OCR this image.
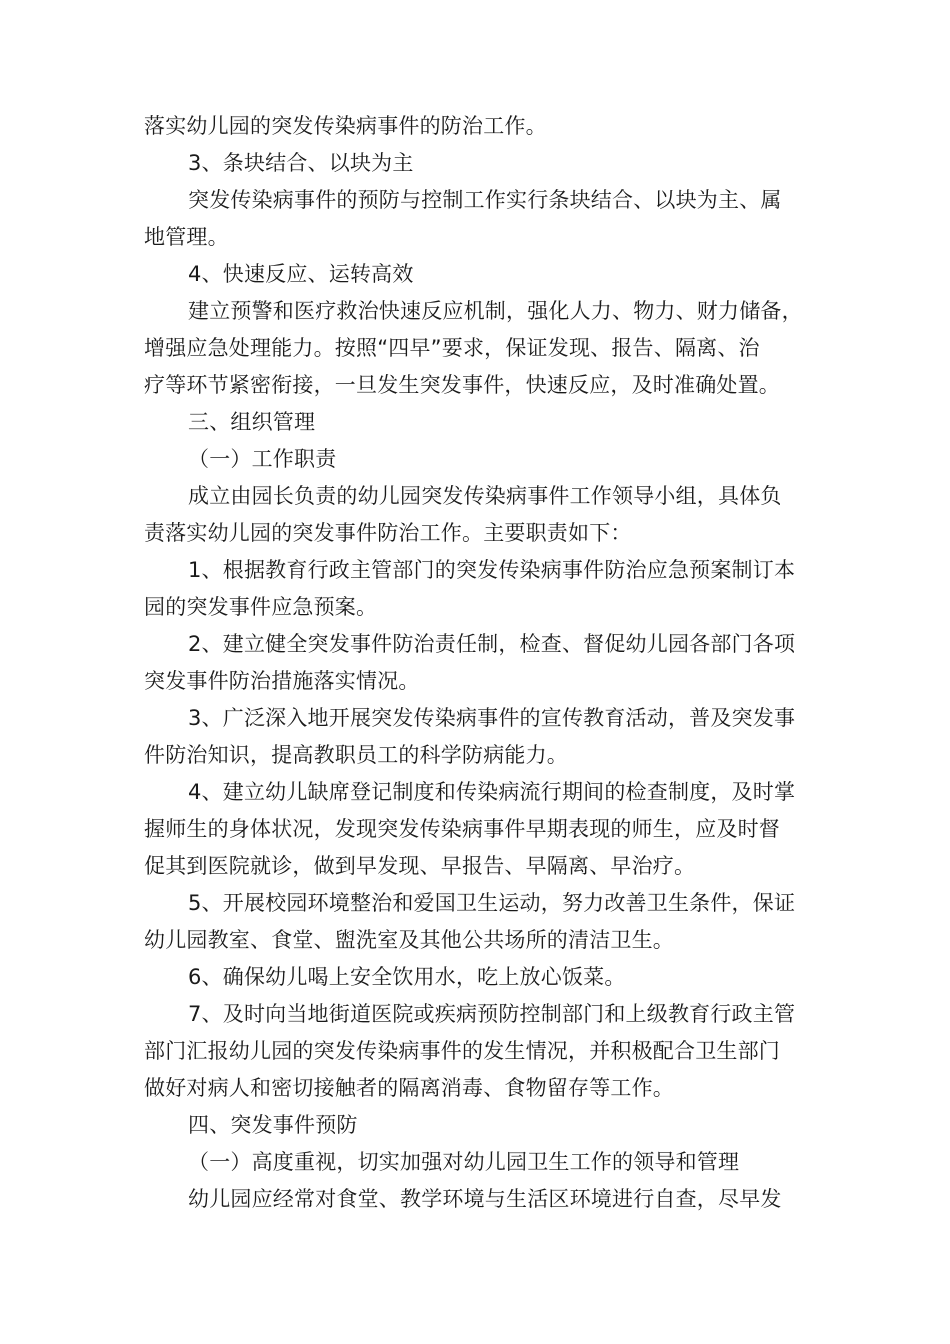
落实幼儿园的突发传染病事件的防治工作。

3、条块结合、以块为主

突发传染病事件的预防与控制工作实行条块结合、以块为主、属

地管理。

4、快速反应、运转高效

建立预警和医疗救治快速反应机制，强化人力、物力、财力储备，

增强应急处理能力。按照“四早”要求，保证发现、报告、隔离、治

疗等环节紧密衔接，一旦发生突发事件，快速反应，及时准确处置。

三、组织管理

（一）工作职责

成立由园长负责的幼儿园突发传染病事件工作领导小组，具体负

责落实幼儿园的突发事件防治工作。主要职责如下：

1、根据教育行政主管部门的突发传染病事件防治应急预案制订本

园的突发事件应急预案。

2、建立健全突发事件防治责任制，检查、督促幼儿园各部门各项

突发事件防治措施落实情况。

3、广泛深入地开展突发传染病事件的宣传教育活动，普及突发事

件防治知识，提高教职员工的科学防病能力。

4、建立幼儿缺席登记制度和传染病流行期间的检查制度，及时掌

握师生的身体状况，发现突发传染病事件早期表现的师生，应及时督

促其到医院就诊，做到早发现、早报告、早隔离、早治疗。

5、开展校园环境整治和爱国卫生运动，努力改善卫生条件，保证

幼儿园教室、食堂、盥洗室及其他公共场所的清洁卫生。

6、确保幼儿喝上安全饮用水，吃上放心饭菜。

7、及时向当地街道医院或疾病预防控制部门和上级教育行政主管

部门汇报幼儿园的突发传染病事件的发生情况，并积极配合卫生部门

做好对病人和密切接触者的隔离消毒、食物留存等工作。

四、突发事件预防

（一）高度重视，切实加强对幼儿园卫生工作的领导和管理

幼儿园应经常对食堂、教学环境与生活区环境进行自查，尽早发
